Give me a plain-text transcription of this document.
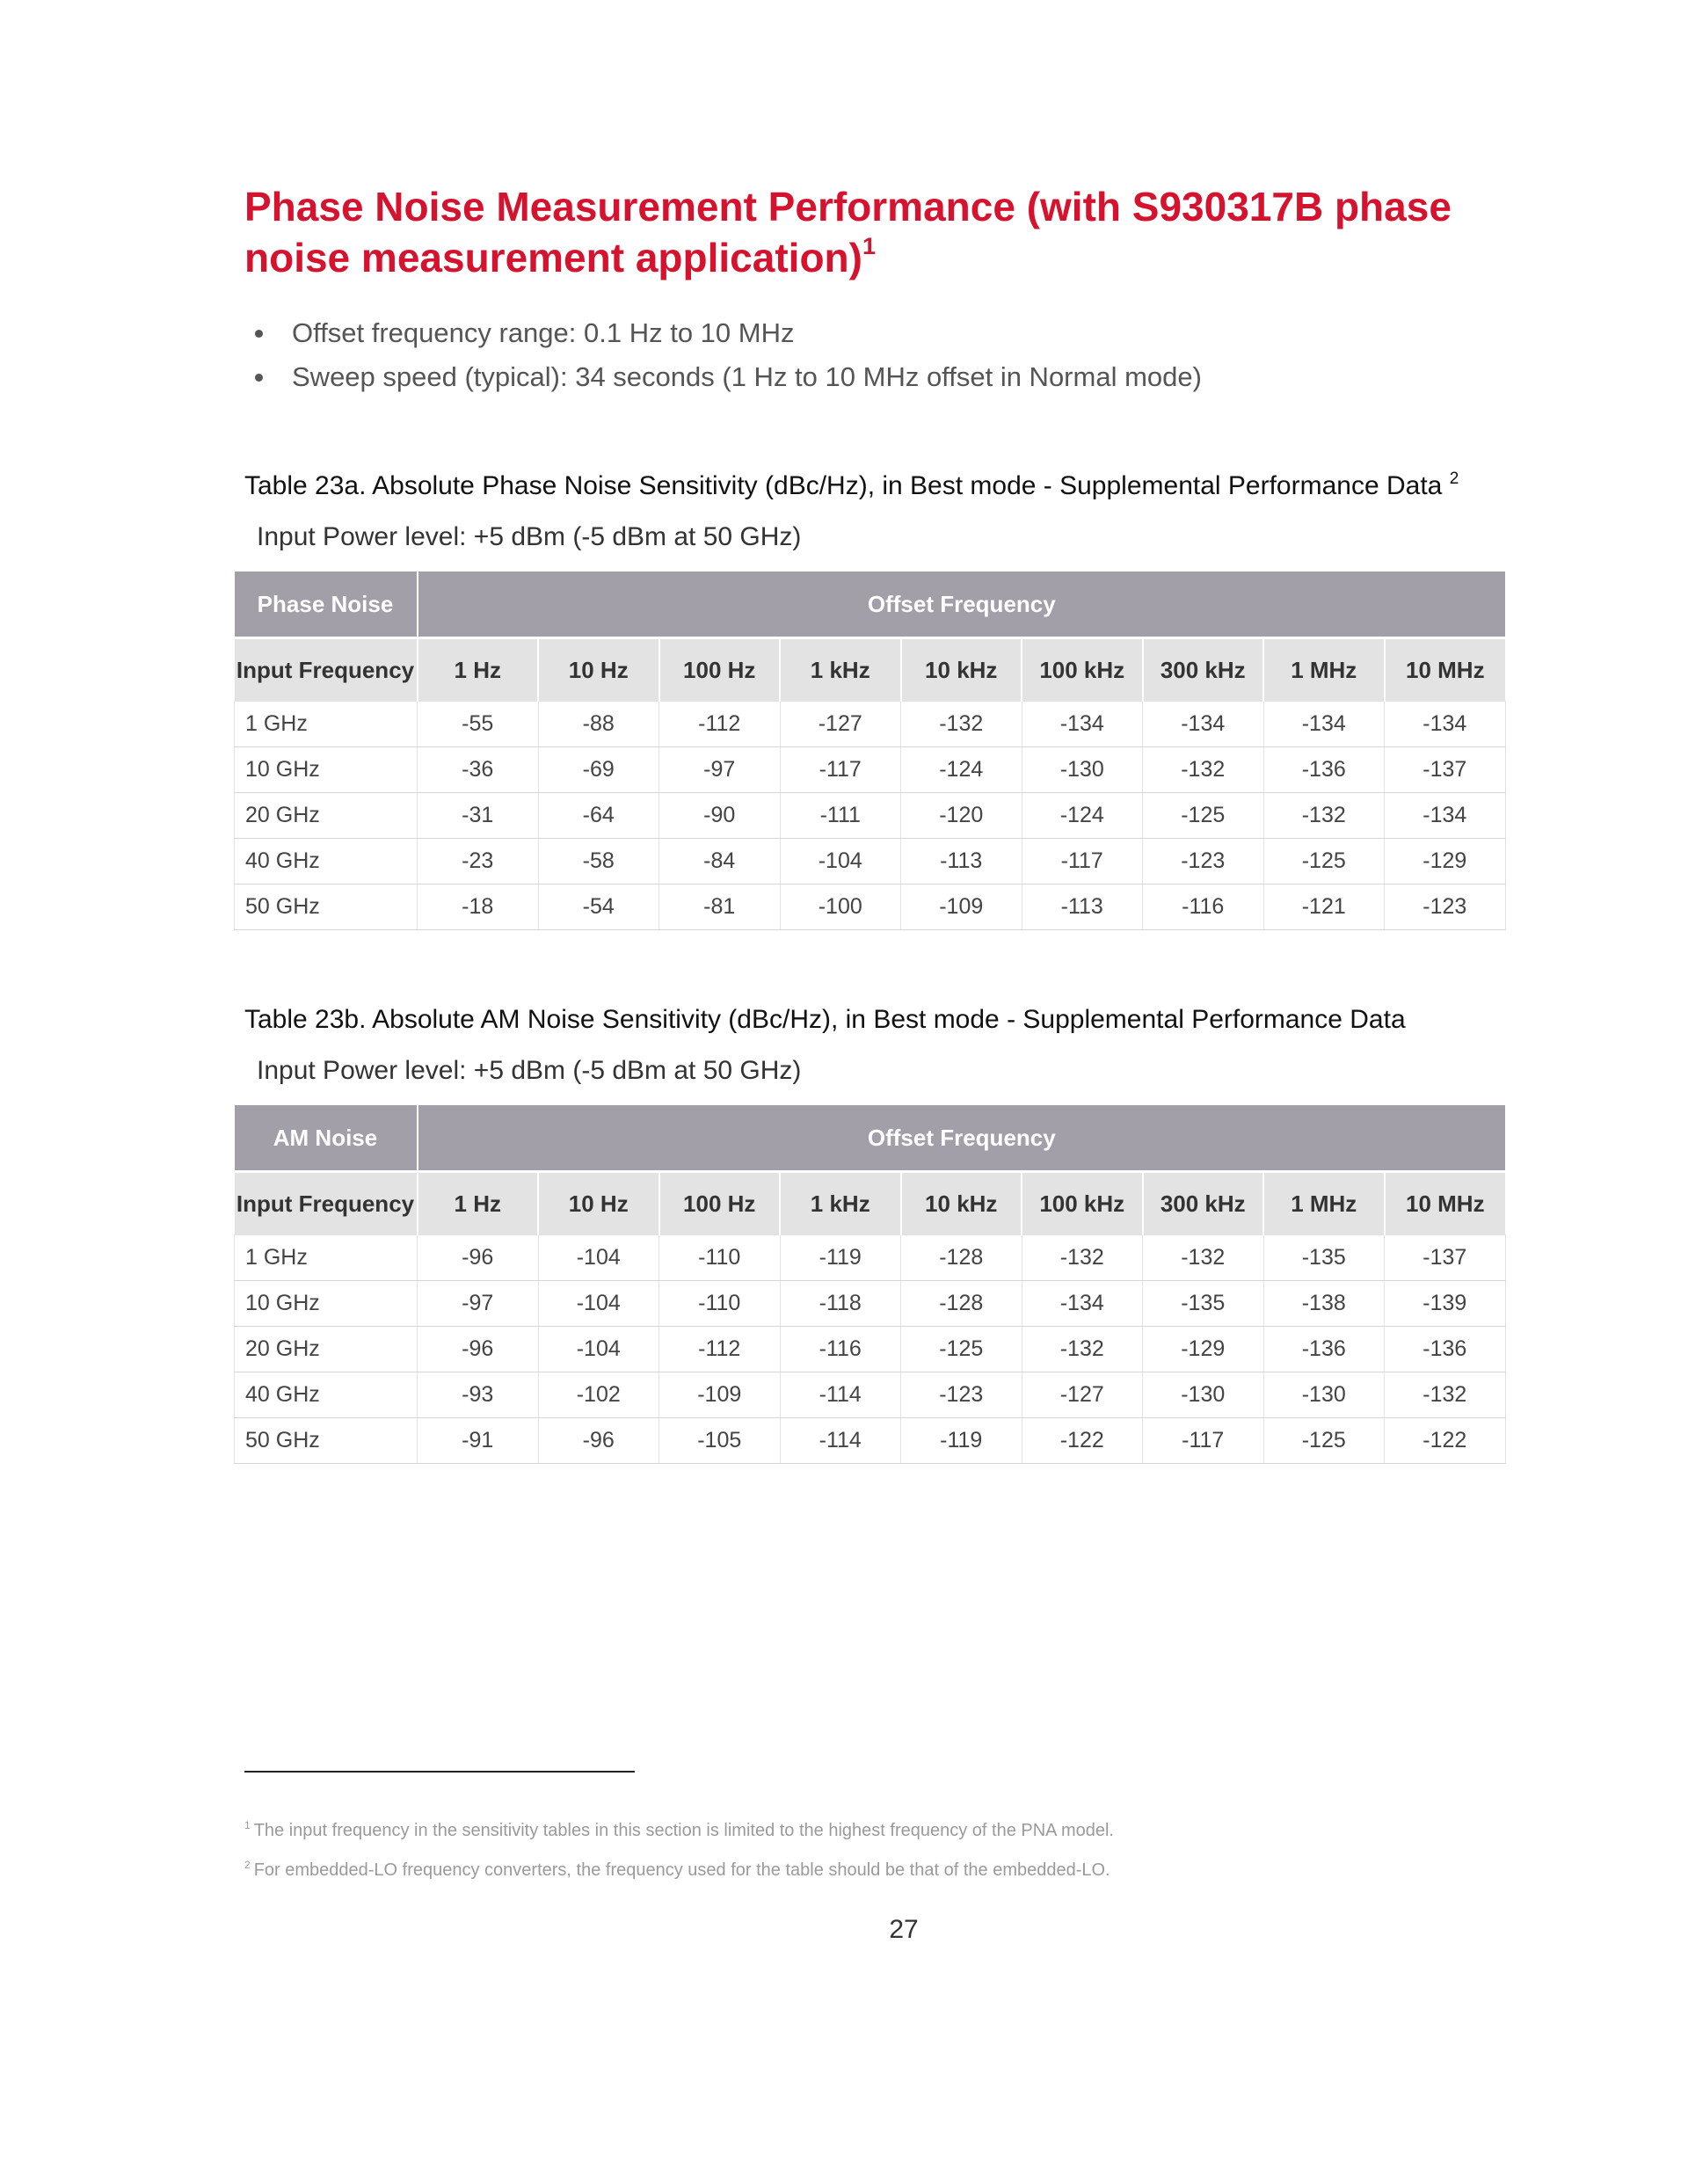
Phase Noise Measurement Performance (with S930317B phase noise measurement application)$^1$
Offset frequency range: 0.1 Hz to 10 MHz
Sweep speed (typical): 34 seconds (1 Hz to 10 MHz offset in Normal mode)
Table 23a. Absolute Phase Noise Sensitivity (dBc/Hz), in Best mode - Supplemental Performance Data $^2$
Input Power level: +5 dBm (-5 dBm at 50 GHz)
Phase Noise	Offset Frequency								
Input Frequency	1 Hz	10 Hz	100 Hz	1 kHz	10 kHz	100 kHz	300 kHz	1 MHz	10 MHz
1 GHz	-55	-88	-112	-127	-132	-134	-134	-134	-134
10 GHz	-36	-69	-97	-117	-124	-130	-132	-136	-137
20 GHz	-31	-64	-90	-111	-120	-124	-125	-132	-134
40 GHz	-23	-58	-84	-104	-113	-117	-123	-125	-129
50 GHz	-18	-54	-81	-100	-109	-113	-116	-121	-123
Table 23b. Absolute AM Noise Sensitivity (dBc/Hz), in Best mode - Supplemental Performance Data
Input Power level: +5 dBm (-5 dBm at 50 GHz)
AM Noise	Offset Frequency								
Input Frequency	1 Hz	10 Hz	100 Hz	1 kHz	10 kHz	100 kHz	300 kHz	1 MHz	10 MHz
1 GHz	-96	-104	-110	-119	-128	-132	-132	-135	-137
10 GHz	-97	-104	-110	-118	-128	-134	-135	-138	-139
20 GHz	-96	-104	-112	-116	-125	-132	-129	-136	-136
40 GHz	-93	-102	-109	-114	-123	-127	-130	-130	-132
50 GHz	-91	-96	-105	-114	-119	-122	-117	-125	-122
$^1$ The input frequency in the sensitivity tables in this section is limited to the highest frequency of the PNA model.
$^2$ For embedded-LO frequency converters, the frequency used for the table should be that of the embedded-LO.
27
